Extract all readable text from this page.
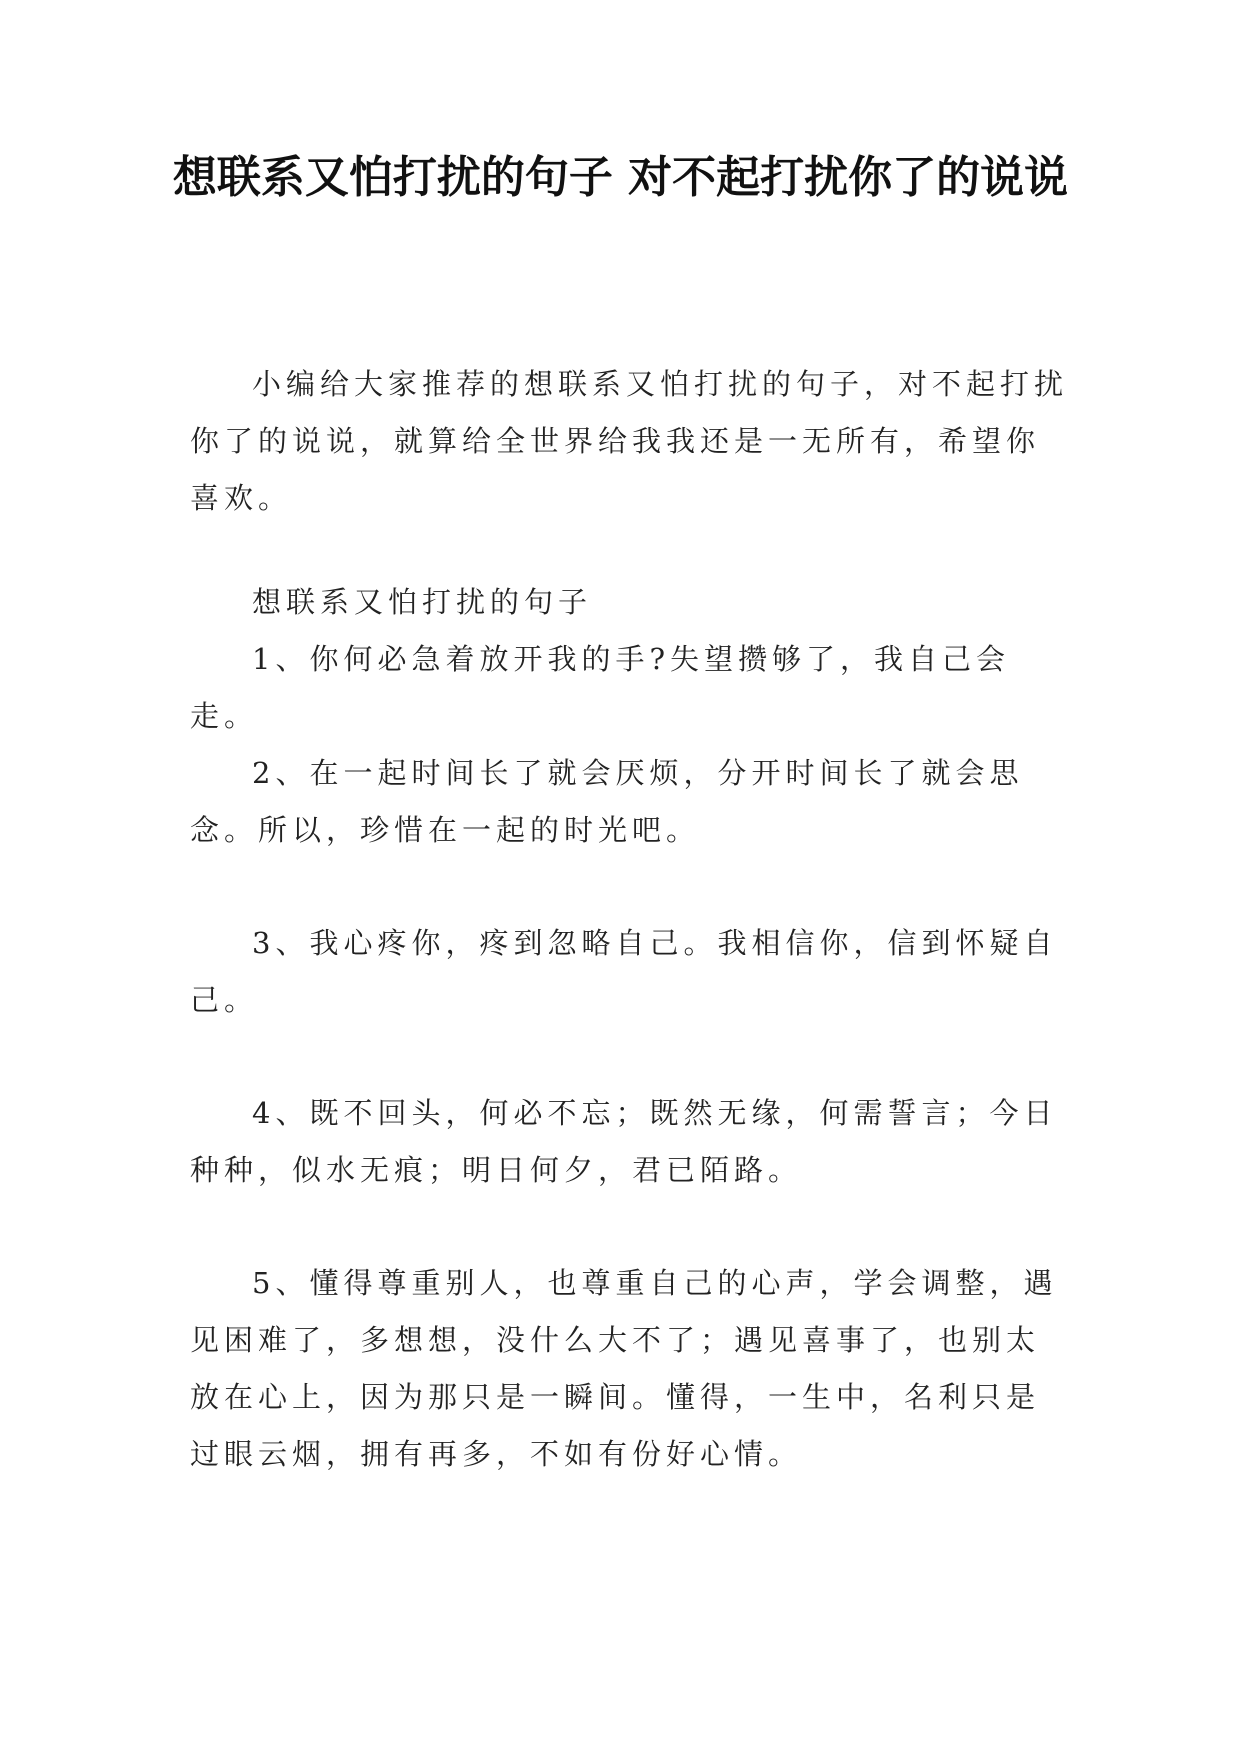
想联系又怕打扰的句子 对不起打扰你了的说说

小编给大家推荐的想联系又怕打扰的句子，对不起打扰你了的说说，就算给全世界给我我还是一无所有，希望你喜欢。

想联系又怕打扰的句子

1、你何必急着放开我的手?失望攒够了，我自己会走。

2、在一起时间长了就会厌烦，分开时间长了就会思念。所以，珍惜在一起的时光吧。

3、我心疼你，疼到忽略自己。我相信你，信到怀疑自己。

4、既不回头，何必不忘；既然无缘，何需誓言；今日种种，似水无痕；明日何夕，君已陌路。

5、懂得尊重别人，也尊重自己的心声，学会调整，遇见困难了，多想想，没什么大不了；遇见喜事了，也别太放在心上，因为那只是一瞬间。懂得，一生中，名利只是过眼云烟，拥有再多，不如有份好心情。
